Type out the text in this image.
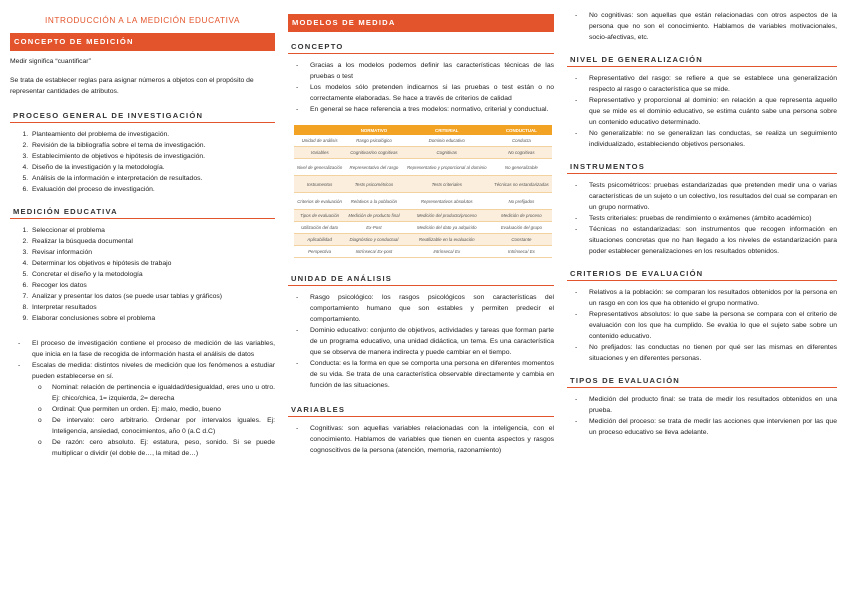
INTRODUCCIÓN A LA MEDICIÓN EDUCATIVA
CONCEPTO DE MEDICIÓN

Medir significa “cuantificar”

Se trata de establecer reglas para asignar números a objetos con el propósito de representar cantidades de atributos.

PROCESO GENERAL DE INVESTIGACIÓN
1. Planteamiento del problema de investigación.
2. Revisión de la bibliografía sobre el tema de investigación.
3. Establecimiento de objetivos e hipótesis de investigación.
4. Diseño de la investigación y la metodología.
5. Análisis de la información e interpretación de resultados.
6. Evaluación del proceso de investigación.
MEDICIÓN EDUCATIVA
1. Seleccionar el problema
2. Realizar la búsqueda documental
3. Revisar información
4. Determinar los objetivos e hipótesis de trabajo
5. Concretar el diseño y la metodología
6. Recoger los datos
7. Analizar y presentar los datos (se puede usar tablas y gráficos)
8. Interpretar resultados
9. Elaborar conclusiones sobre el problema
- El proceso de investigación contiene el proceso de medición de las variables, que inicia en la fase de recogida de información hasta el análisis de datos
- Escalas de medida: distintos niveles de medición que los fenómenos a estudiar pueden establecerse en sí.
o Nominal: relación de pertinencia e igualdad/desigualdad, eres uno u otro. Ej: chico/chica, 1= izquierda, 2= derecha
o Ordinal: Que permiten un orden. Ej: malo, medio, bueno
o De intervalo: cero arbitrario. Ordenar por intervalos iguales. Ej: Inteligencia, ansiedad, conocimientos, año 0 (a.C d.C)
o De razón: cero absoluto. Ej: estatura, peso, sonido. Si se puede multiplicar o dividir (el doble de…, la mitad de…)
MODELOS DE MEDIDA
CONCEPTO
- Gracias a los modelos podemos definir las características técnicas de las pruebas o test
- Los modelos sólo pretenden indicarnos si las pruebas o test están o no correctamente elaboradas. Se hace a través de criterios de calidad
- En general se hace referencia a tres modelos: normativo, criterial y conductual.
	NORMATIVO	CRITERIAL	CONDUCTUAL
Unidad de análisis	Rasgo psicológico	Dominio educativo	Conducta
Variables	Cognitivas/no cognitivas	Cognitivas	No cognitivas
Nivel de generalización	Representativo del rasgo	Representativo y proporcional al dominio	No generalizable
Instrumentos	Tests psicométricos	Tests criteriales	Técnicas no estandarizadas
Criterios de evaluación	Relativos a la población	Representativos absolutos	No prefijados
Tipos de evaluación	Medición de producto final	Medición del producto/proceso	Medición de proceso
Utilización del dato	Ex-Post	Medición del dato ya adquirido	Evaluación del grupo
Aplicabilidad	Diagnóstico y conductual	Reutilizable en la evaluación	Constante
Perspectiva	Intrínseca/ Ex-post	Intrínseca/ Ex	Intrínseca/ Ex
UNIDAD DE ANÁLISIS
- Rasgo psicológico: los rasgos psicológicos son características del comportamiento humano que son estables y permiten predecir el comportamiento.
- Dominio educativo: conjunto de objetivos, actividades y tareas que forman parte de un programa educativo, una unidad didáctica, un tema. Es una característica que se observa de manera indirecta y puede cambiar en el tiempo.
- Conducta: es la forma en que se comporta una persona en diferentes momentos de su vida. Se trata de una característica observable directamente y cambia en función de las situaciones.
VARIABLES
- Cognitivas: son aquellas variables relacionadas con la inteligencia, con el conocimiento. Hablamos de variables que tienen en cuenta aspectos y rasgos cognoscitivos de la persona (atención, memoria, razonamiento)
- No cognitivas: son aquellas que están relacionadas con otros aspectos de la persona que no son el conocimiento. Hablamos de variables motivacionales, socio-afectivas, etc.
NIVEL DE GENERALIZACIÓN
- Representativo del rasgo: se refiere a que se establece una generalización respecto al rasgo o característica que se mide.
- Representativo y proporcional al dominio: en relación a que representa aquello que se mide es el dominio educativo, se estima cuánto sabe una persona sobre un contenido educativo determinado.
- No generalizable: no se generalizan las conductas, se realiza un seguimiento individualizado, estableciendo objetivos personales.
INSTRUMENTOS
- Tests psicométricos: pruebas estandarizadas que pretenden medir una o varias características de un sujeto o un colectivo, los resultados del cual se comparan en un grupo normativo.
- Tests criteriales: pruebas de rendimiento o exámenes (ámbito académico)
- Técnicas no estandarizadas: son instrumentos que recogen información en situaciones concretas que no han llegado a los niveles de estandarización para poder establecer generalizaciones en los resultados obtenidos.
CRITERIOS DE EVALUACIÓN
- Relativos a la población: se comparan los resultados obtenidos por la persona en un rasgo en con los que ha obtenido el grupo normativo.
- Representativos absolutos: lo que sabe la persona se compara con el criterio de evaluación con los que ha cumplido. Se evalúa lo que el sujeto sabe sobre un contenido educativo.
- No prefijados: las conductas no tienen por qué ser las mismas en diferentes situaciones y en diferentes personas.
TIPOS DE EVALUACIÓN
- Medición del producto final: se trata de medir los resultados obtenidos en una prueba.
- Medición del proceso: se trata de medir las acciones que intervienen por las que un proceso educativo se lleva adelante.
